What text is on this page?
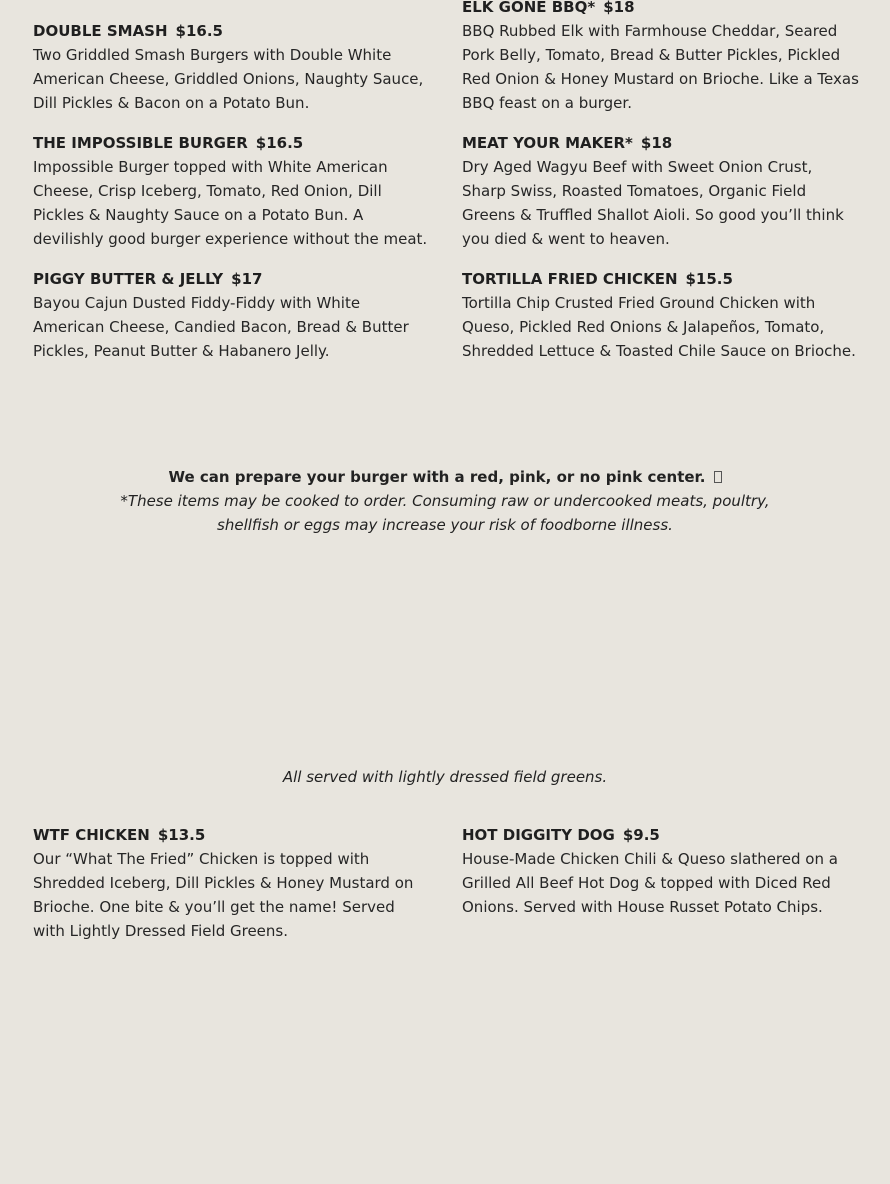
DOUBLE SMASH $16.5
Two Griddled Smash Burgers with Double White American Cheese, Griddled Onions, Naughty Sauce, Dill Pickles & Bacon on a Potato Bun.
THE IMPOSSIBLE BURGER $16.5
Impossible Burger topped with White American Cheese, Crisp Iceberg, Tomato, Red Onion, Dill Pickles & Naughty Sauce on a Potato Bun. A devilishly good burger experience without the meat.
PIGGY BUTTER & JELLY $17
Bayou Cajun Dusted Fiddy-Fiddy with White American Cheese, Candied Bacon, Bread & Butter Pickles, Peanut Butter & Habanero Jelly.
ELK GONE BBQ* $18
BBQ Rubbed Elk with Farmhouse Cheddar, Seared Pork Belly, Tomato, Bread & Butter Pickles, Pickled Red Onion & Honey Mustard on Brioche. Like a Texas BBQ feast on a burger.
MEAT YOUR MAKER* $18
Dry Aged Wagyu Beef with Sweet Onion Crust, Sharp Swiss, Roasted Tomatoes, Organic Field Greens & Truffled Shallot Aioli. So good you’ll think you died & went to heaven.
TORTILLA FRIED CHICKEN $15.5
Tortilla Chip Crusted Fried Ground Chicken with Queso, Pickled Red Onions & Jalapeños, Tomato, Shredded Lettuce & Toasted Chile Sauce on Brioche.
We can prepare your burger with a red, pink, or no pink center.
*These items may be cooked to order. Consuming raw or undercooked meats, poultry,
shellfish or eggs may increase your risk of foodborne illness.
All served with lightly dressed field greens.
WTF CHICKEN $13.5
Our “What The Fried” Chicken is topped with Shredded Iceberg, Dill Pickles & Honey Mustard on Brioche. One bite & you’ll get the name! Served with Lightly Dressed Field Greens.
HOT DIGGITY DOG $9.5
House-Made Chicken Chili & Queso slathered on a Grilled All Beef Hot Dog & topped with Diced Red Onions. Served with House Russet Potato Chips.
